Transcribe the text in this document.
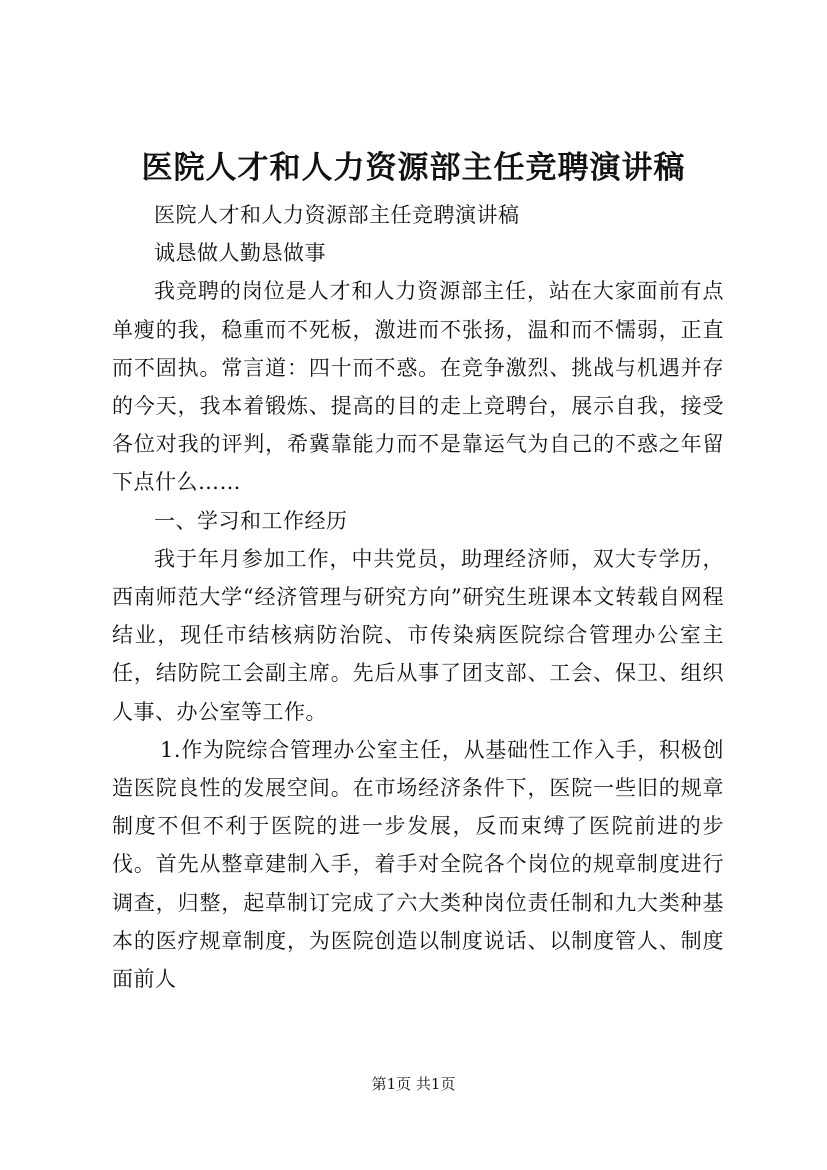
医院人才和人力资源部主任竞聘演讲稿

医院人才和人力资源部主任竞聘演讲稿

诚恳做人勤恳做事

我竞聘的岗位是人才和人力资源部主任，站在大家面前有点单瘦的我，稳重而不死板，激进而不张扬，温和而不懦弱，正直而不固执。常言道：四十而不惑。在竞争激烈、挑战与机遇并存的今天，我本着锻炼、提高的目的走上竞聘台，展示自我，接受各位对我的评判，希冀靠能力而不是靠运气为自己的不惑之年留下点什么……

一、学习和工作经历

我于年月参加工作，中共党员，助理经济师，双大专学历，西南师范大学“经济管理与研究方向”研究生班课本文转载自网程结业，现任市结核病防治院、市传染病医院综合管理办公室主任，结防院工会副主席。先后从事了团支部、工会、保卫、组织人事、办公室等工作。

1.作为院综合管理办公室主任，从基础性工作入手，积极创造医院良性的发展空间。在市场经济条件下，医院一些旧的规章制度不但不利于医院的进一步发展，反而束缚了医院前进的步伐。首先从整章建制入手，着手对全院各个岗位的规章制度进行调查，归整，起草制订完成了六大类种岗位责任制和九大类种基本的医疗规章制度，为医院创造以制度说话、以制度管人、制度面前人

第1页 共1页
